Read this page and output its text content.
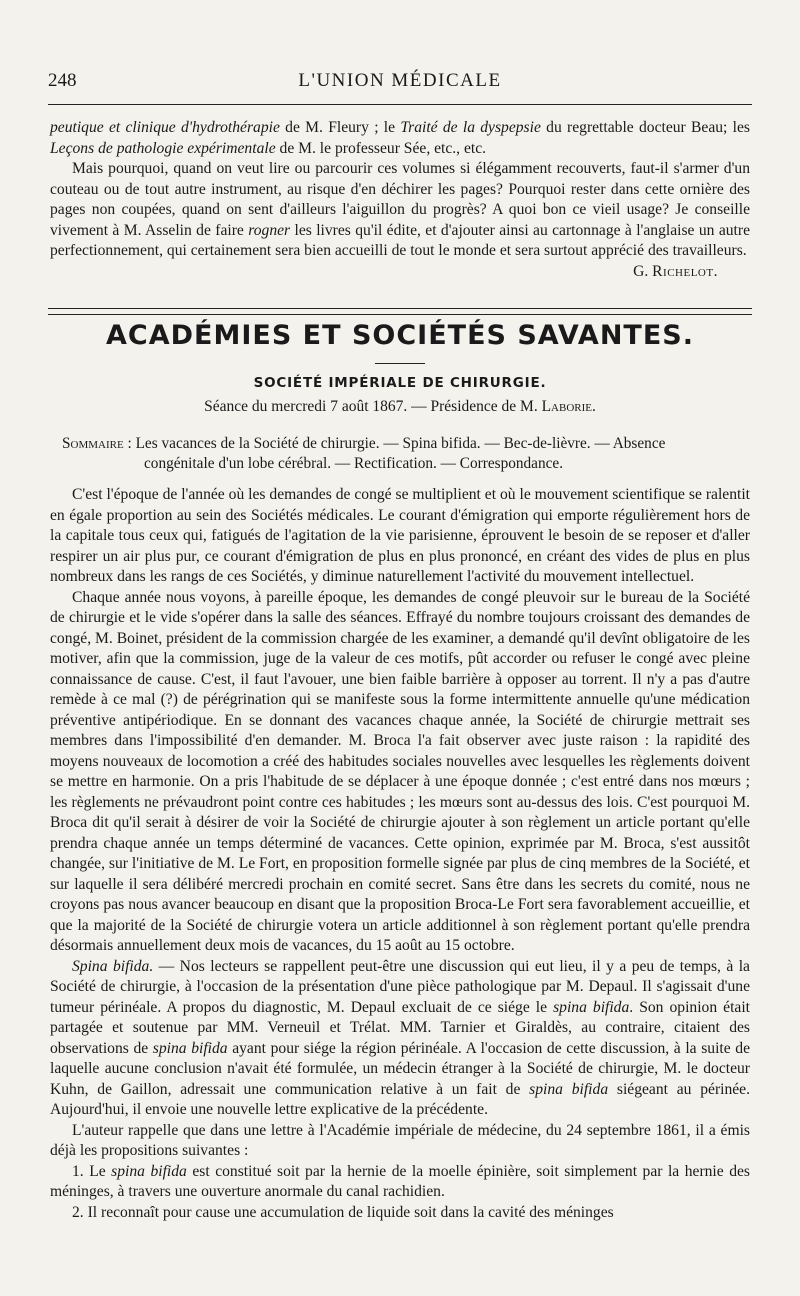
248	L'UNION MÉDICALE

peutique et clinique d'hydrothérapie de M. Fleury ; le Traité de la dyspepsie du regrettable docteur Beau; les Leçons de pathologie expérimentale de M. le professeur Sée, etc., etc.

Mais pourquoi, quand on veut lire ou parcourir ces volumes si élégamment recouverts, faut-il s'armer d'un couteau ou de tout autre instrument, au risque d'en déchirer les pages? Pourquoi rester dans cette ornière des pages non coupées, quand on sent d'ailleurs l'aiguillon du progrès? A quoi bon ce vieil usage? Je conseille vivement à M. Asselin de faire rogner les livres qu'il édite, et d'ajouter ainsi au cartonnage à l'anglaise un autre perfectionnement, qui certainement sera bien accueilli de tout le monde et sera surtout apprécié des travailleurs.

G. Richelot.

ACADÉMIES ET SOCIÉTÉS SAVANTES.
SOCIÉTÉ IMPÉRIALE DE CHIRURGIE.
Séance du mercredi 7 août 1867. — Présidence de M. Laborie.
Sommaire : Les vacances de la Société de chirurgie. — Spina bifida. — Bec-de-lièvre. — Absence
congénitale d'un lobe cérébral. — Rectification. — Correspondance.

C'est l'époque de l'année où les demandes de congé se multiplient et où le mouvement scientifique se ralentit en égale proportion au sein des Sociétés médicales. Le courant d'émigration qui emporte régulièrement hors de la capitale tous ceux qui, fatigués de l'agitation de la vie parisienne, éprouvent le besoin de se reposer et d'aller respirer un air plus pur, ce courant d'émigration de plus en plus prononcé, en créant des vides de plus en plus nombreux dans les rangs de ces Sociétés, y diminue naturellement l'activité du mouvement intellectuel.

Chaque année nous voyons, à pareille époque, les demandes de congé pleuvoir sur le bureau de la Société de chirurgie et le vide s'opérer dans la salle des séances. Effrayé du nombre toujours croissant des demandes de congé, M. Boinet, président de la commission chargée de les examiner, a demandé qu'il devînt obligatoire de les motiver, afin que la commission, juge de la valeur de ces motifs, pût accorder ou refuser le congé avec pleine connaissance de cause. C'est, il faut l'avouer, une bien faible barrière à opposer au torrent. Il n'y a pas d'autre remède à ce mal (?) de pérégrination qui se manifeste sous la forme intermittente annuelle qu'une médication préventive antipériodique. En se donnant des vacances chaque année, la Société de chirurgie mettrait ses membres dans l'impossibilité d'en demander. M. Broca l'a fait observer avec juste raison : la rapidité des moyens nouveaux de locomotion a créé des habitudes sociales nouvelles avec lesquelles les règlements doivent se mettre en harmonie. On a pris l'habitude de se déplacer à une époque donnée ; c'est entré dans nos mœurs ; les règlements ne prévaudront point contre ces habitudes ; les mœurs sont au-dessus des lois. C'est pourquoi M. Broca dit qu'il serait à désirer de voir la Société de chirurgie ajouter à son règlement un article portant qu'elle prendra chaque année un temps déterminé de vacances. Cette opinion, exprimée par M. Broca, s'est aussitôt changée, sur l'initiative de M. Le Fort, en proposition formelle signée par plus de cinq membres de la Société, et sur laquelle il sera délibéré mercredi prochain en comité secret. Sans être dans les secrets du comité, nous ne croyons pas nous avancer beaucoup en disant que la proposition Broca-Le Fort sera favorablement accueillie, et que la majorité de la Société de chirurgie votera un article additionnel à son règlement portant qu'elle prendra désormais annuellement deux mois de vacances, du 15 août au 15 octobre.

Spina bifida. — Nos lecteurs se rappellent peut-être une discussion qui eut lieu, il y a peu de temps, à la Société de chirurgie, à l'occasion de la présentation d'une pièce pathologique par M. Depaul. Il s'agissait d'une tumeur périnéale. A propos du diagnostic, M. Depaul excluait de ce siége le spina bifida. Son opinion était partagée et soutenue par MM. Verneuil et Trélat. MM. Tarnier et Giraldès, au contraire, citaient des observations de spina bifida ayant pour siége la région périnéale. A l'occasion de cette discussion, à la suite de laquelle aucune conclusion n'avait été formulée, un médecin étranger à la Société de chirurgie, M. le docteur Kuhn, de Gaillon, adressait une communication relative à un fait de spina bifida siégeant au périnée. Aujourd'hui, il envoie une nouvelle lettre explicative de la précédente.

L'auteur rappelle que dans une lettre à l'Académie impériale de médecine, du 24 septembre 1861, il a émis déjà les propositions suivantes :

1. Le spina bifida est constitué soit par la hernie de la moelle épinière, soit simplement par la hernie des méninges, à travers une ouverture anormale du canal rachidien.

2. Il reconnaît pour cause une accumulation de liquide soit dans la cavité des méninges
